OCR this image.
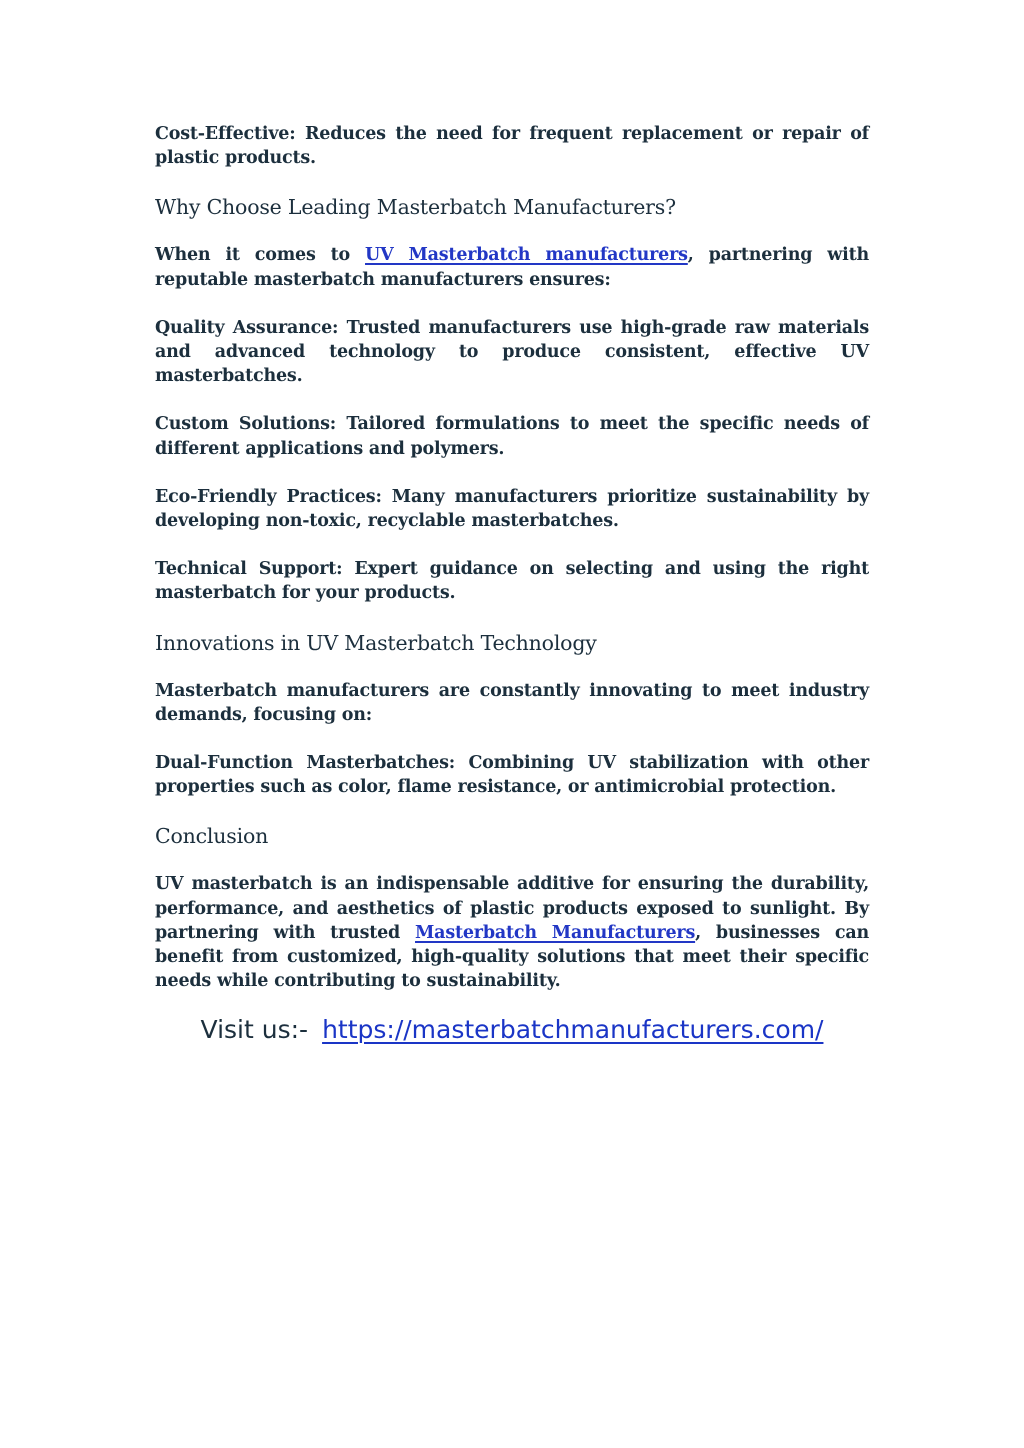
Cost-Effective: Reduces the need for frequent replacement or repair of plastic products.

Why Choose Leading Masterbatch Manufacturers?

When it comes to UV Masterbatch manufacturers, partnering with reputable masterbatch manufacturers ensures:

Quality Assurance: Trusted manufacturers use high-grade raw materials and advanced technology to produce consistent, effective UV masterbatches.

Custom Solutions: Tailored formulations to meet the specific needs of different applications and polymers.

Eco-Friendly Practices: Many manufacturers prioritize sustainability by developing non-toxic, recyclable masterbatches.

Technical Support: Expert guidance on selecting and using the right masterbatch for your products.

Innovations in UV Masterbatch Technology

Masterbatch manufacturers are constantly innovating to meet industry demands, focusing on:

Dual-Function Masterbatches: Combining UV stabilization with other properties such as color, flame resistance, or antimicrobial protection.

Conclusion

UV masterbatch is an indispensable additive for ensuring the durability, performance, and aesthetics of plastic products exposed to sunlight. By partnering with trusted Masterbatch Manufacturers, businesses can benefit from customized, high-quality solutions that meet their specific needs while contributing to sustainability.

Visit us:- https://masterbatchmanufacturers.com/
